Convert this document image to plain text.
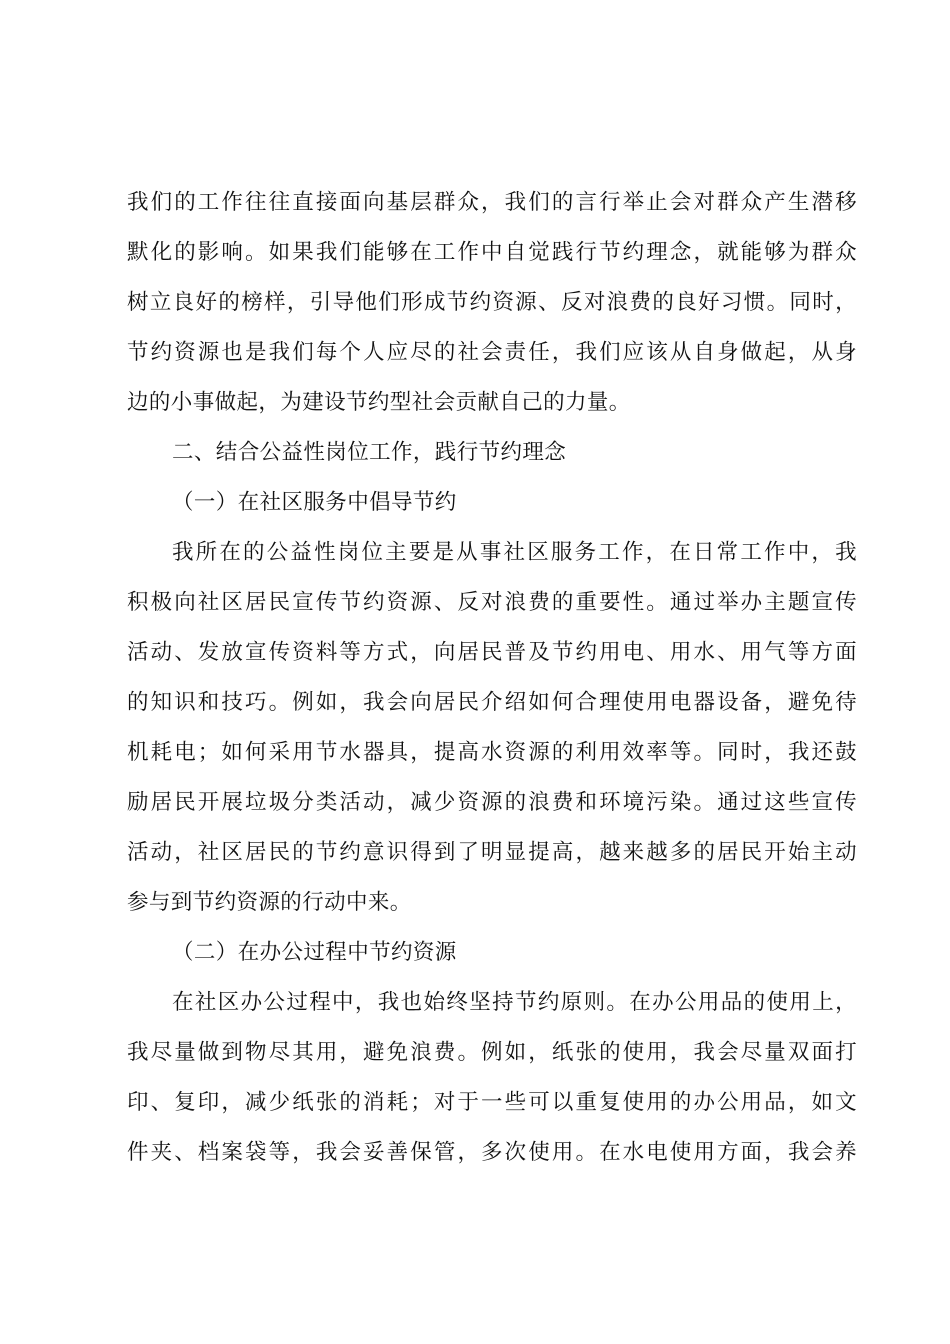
我们的工作往往直接面向基层群众，我们的言行举止会对群众产生潜移
默化的影响。如果我们能够在工作中自觉践行节约理念，就能够为群众
树立良好的榜样，引导他们形成节约资源、反对浪费的良好习惯。同时，
节约资源也是我们每个人应尽的社会责任，我们应该从自身做起，从身
边的小事做起，为建设节约型社会贡献自己的力量。
二、结合公益性岗位工作，践行节约理念
（一）在社区服务中倡导节约
我所在的公益性岗位主要是从事社区服务工作，在日常工作中，我
积极向社区居民宣传节约资源、反对浪费的重要性。通过举办主题宣传
活动、发放宣传资料等方式，向居民普及节约用电、用水、用气等方面
的知识和技巧。例如，我会向居民介绍如何合理使用电器设备，避免待
机耗电；如何采用节水器具，提高水资源的利用效率等。同时，我还鼓
励居民开展垃圾分类活动，减少资源的浪费和环境污染。通过这些宣传
活动，社区居民的节约意识得到了明显提高，越来越多的居民开始主动
参与到节约资源的行动中来。
（二）在办公过程中节约资源
在社区办公过程中，我也始终坚持节约原则。在办公用品的使用上，
我尽量做到物尽其用，避免浪费。例如，纸张的使用，我会尽量双面打
印、复印，减少纸张的消耗；对于一些可以重复使用的办公用品，如文
件夹、档案袋等，我会妥善保管，多次使用。在水电使用方面，我会养
